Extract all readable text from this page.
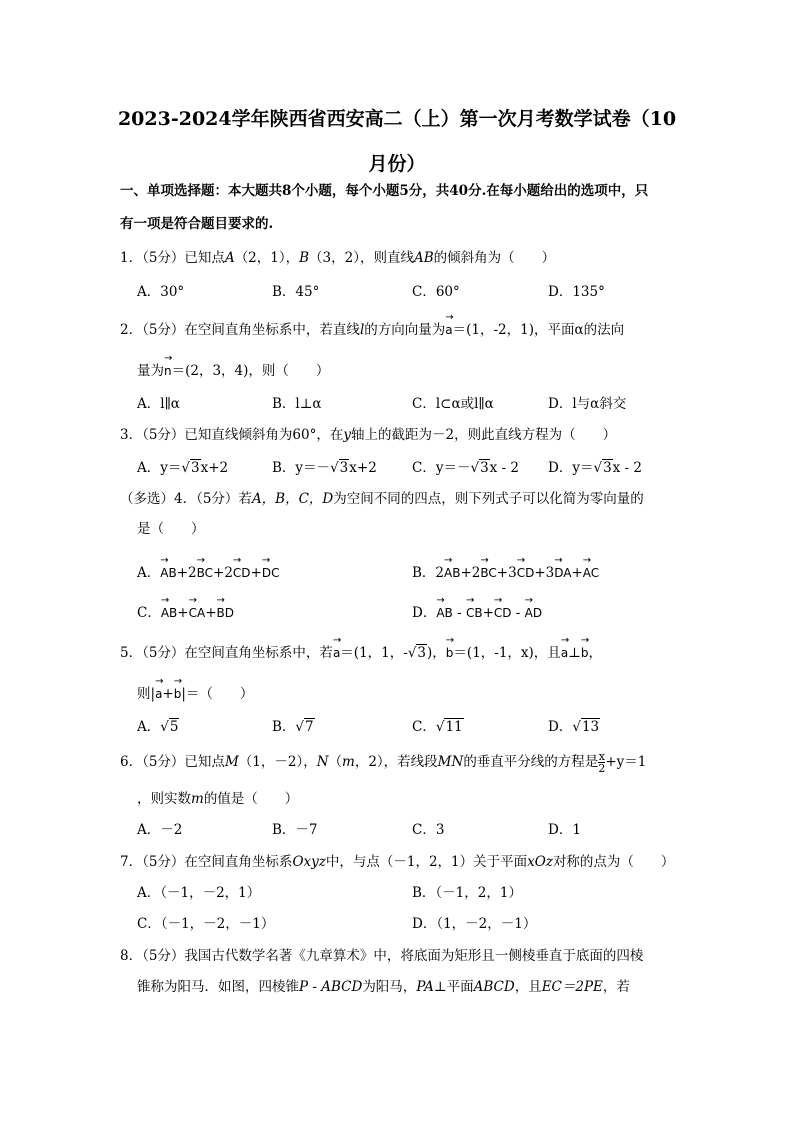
2023-2024学年陕西省西安高二（上）第一次月考数学试卷（10
月份）
一、单项选择题：本大题共8个小题，每个小题5分，共40分.在每小题给出的选项中，只
有一项是符合题目要求的.
1．（5分）已知点A（2，1），B（3，2），则直线AB的倾斜角为（　　）
A．30°	B．45°	C．60°	D．135°
2．（5分）在空间直角坐标系中，若直线l的方向向量为→ a＝(1，-2，1)，平面α的法向
量为→ n＝(2，3，4)，则（　　）
A．l∥α	B．l⊥α	C．l⊂α或l∥α	D．l与α斜交
3．（5分）已知直线倾斜角为60°，在y轴上的截距为－2，则此直线方程为（　　）
A．y＝√3x+2	B．y＝－√3x+2	C．y＝－√3x - 2 D．y＝√3x - 2
（多选）4．（5分）若A，B，C，D为空间不同的四点，则下列式子可以化简为零向量的
是（　　）
A．→ AB+2→ BC+2→ CD+→ DC	B．2→ AB+2→ BC+3→ CD+3→ DA+→ AC
C．→ AB+→ CA+→ BD	D．→ AB - → CB+→ CD - → AD
5．（5分）在空间直角坐标系中，若→ a＝(1，1，-√3)，→ b＝(1，-1，x)，且→ a⊥→ b，
则|→ a+→ b|＝（　　）
A．√5	B．√7	C．√11	D．√13
6．（5分）已知点M（1，－2），N（m，2），若线段MN的垂直平分线的方程是 $\frac{x}{2} +y=1$
，则实数m的值是（　　）
A．－2	B．－7	C．3	D．1
7．（5分）在空间直角坐标系Oxyz中，与点（－1，2，1）关于平面xOz对称的点为（　　）
A．（－1，－2，1）	B．（－1，2，1）
C．（－1，－2，－1）	D．（1，－2，－1）
8．（5分）我国古代数学名著《九章算术》中，将底面为矩形且一侧棱垂直于底面的四棱
锥称为阳马．如图，四棱锥P - ABCD为阳马，PA⊥平面ABCD，且EC＝2PE，若
